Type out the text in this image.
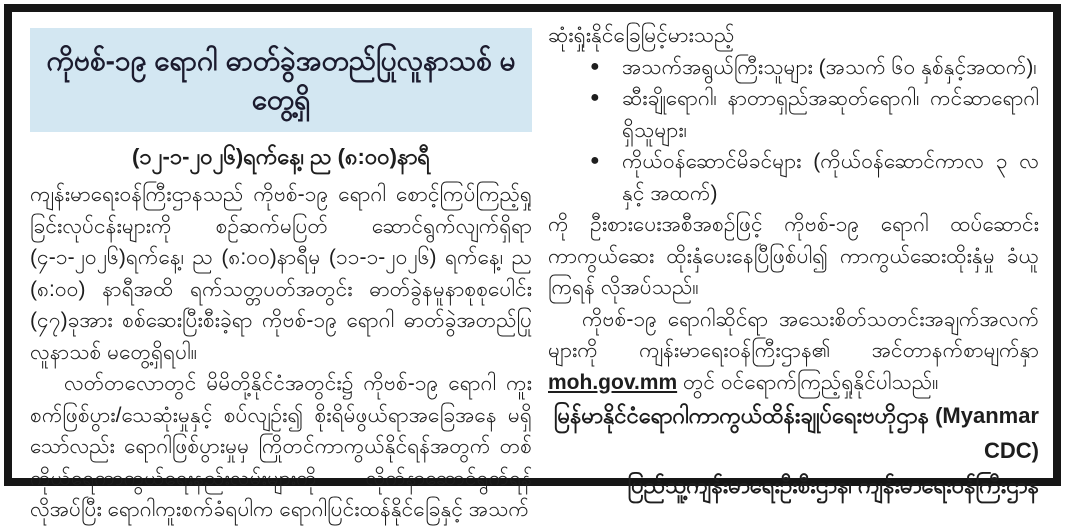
ကိုဗစ်-၁၉ ရောဂါ ဓာတ်ခွဲအတည်ပြုလူနာသစ် မတွေ့ရှိ
(၁၂-၁-၂၀၂၆)ရက်နေ့၊ ည (၈:၀၀)နာရီ

ကျန်းမာရေးဝန်ကြီးဌာနသည် ကိုဗစ်-၁၉ ရောဂါ စောင့်ကြပ်ကြည့်ရှုခြင်းလုပ်ငန်းများကို စဉ်ဆက်မပြတ် ဆောင်ရွက်လျက်ရှိရာ (၄-၁-၂၀၂၆)ရက်နေ့၊ ည (၈:၀၀)နာရီမှ (၁၁-၁-၂၀၂၆) ရက်နေ့၊ ည (၈:၀၀) နာရီအထိ ရက်သတ္တပတ်အတွင်း ဓာတ်ခွဲနမူနာစုစုပေါင်း (၄၇)ခုအား စစ်ဆေးပြီးစီးခဲ့ရာ ကိုဗစ်-၁၉ ရောဂါ ဓာတ်ခွဲအတည်ပြုလူနာသစ် မတွေ့ရှိရပါ။

လတ်တလောတွင် မိမိတို့နိုင်ငံအတွင်း၌ ကိုဗစ်-၁၉ ရောဂါ ကူးစက်ဖြစ်ပွား/သေဆုံးမှုနှင့် စပ်လျဉ်း၍ စိုးရိမ်ဖွယ်ရာအခြေအနေ မရှိသော်လည်း ရောဂါဖြစ်ပွားမှုမှ ကြိုတင်ကာကွယ်နိုင်ရန်အတွက် တစ်ကိုယ်ရေကာကွယ်ရေးနည်းလမ်းများကို လိုက်နာဆောင်ရွက်ရန် လိုအပ်ပြီး ရောဂါကူးစက်ခံရပါက ရောဂါပြင်းထန်နိုင်ခြေနှင့် အသက်

ဆုံးရှုံးနိုင်ခြေမြင့်မားသည့်

● အသက်အရွယ်ကြီးသူများ (အသက် ၆၀ နှစ်နှင့်အထက်)၊
● ဆီးချိုရောဂါ၊ နာတာရှည်အဆုတ်ရောဂါ၊ ကင်ဆာရောဂါရှိသူများ၊
● ကိုယ်ဝန်ဆောင်မိခင်များ (ကိုယ်ဝန်ဆောင်ကာလ ၃ လနှင့် အထက်)

ကို ဦးစားပေးအစီအစဉ်ဖြင့် ကိုဗစ်-၁၉ ရောဂါ ထပ်ဆောင်းကာကွယ်ဆေး ထိုးနှံပေးနေပြီဖြစ်ပါ၍ ကာကွယ်ဆေးထိုးနှံမှု ခံယူကြရန် လိုအပ်သည်။

ကိုဗစ်-၁၉ ရောဂါဆိုင်ရာ အသေးစိတ်သတင်းအချက်အလက်များကို ကျန်းမာရေးဝန်ကြီးဌာန၏ အင်တာနက်စာမျက်နှာ moh.gov.mm တွင် ဝင်ရောက်ကြည့်ရှုနိုင်ပါသည်။

မြန်မာနိုင်ငံရောဂါကာကွယ်ထိန်းချုပ်ရေးဗဟိုဌာန (Myanmar CDC)
ပြည်သူ့ကျန်းမာရေးဦးစီးဌာန၊ ကျန်းမာရေးဝန်ကြီးဌာန
